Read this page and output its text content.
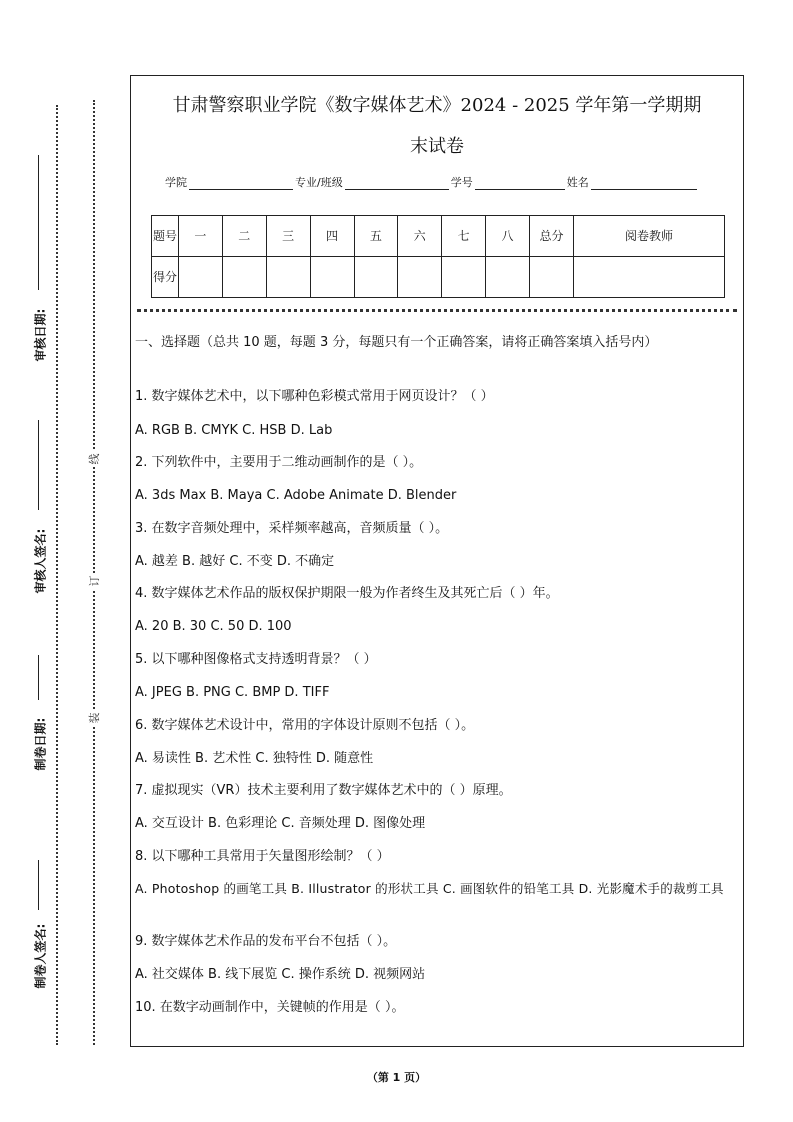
审核日期:
审核人签名:
制卷日期:
制卷人签名:
线
订
装
甘肃警察职业学院《数字媒体艺术》2024 - 2025 学年第一学期期
末试卷
学院	专业/班级	学号	姓名
题号	一	二	三	四	五	六	七	八	总分	阅卷教师
得分										
一、选择题（总共 10 题，每题 3 分，每题只有一个正确答案，请将正确答案填入括号内）
1. 数字媒体艺术中，以下哪种色彩模式常用于网页设计？（ ）
A. RGB B. CMYK C. HSB D. Lab
2. 下列软件中，主要用于二维动画制作的是（ ）。
A. 3ds Max B. Maya C. Adobe Animate D. Blender
3. 在数字音频处理中，采样频率越高，音频质量（ ）。
A. 越差 B. 越好 C. 不变 D. 不确定
4. 数字媒体艺术作品的版权保护期限一般为作者终生及其死亡后（ ）年。
A. 20 B. 30 C. 50 D. 100
5. 以下哪种图像格式支持透明背景？（ ）
A. JPEG B. PNG C. BMP D. TIFF
6. 数字媒体艺术设计中，常用的字体设计原则不包括（ ）。
A. 易读性 B. 艺术性 C. 独特性 D. 随意性
7. 虚拟现实（VR）技术主要利用了数字媒体艺术中的（ ）原理。
A. 交互设计 B. 色彩理论 C. 音频处理 D. 图像处理
8. 以下哪种工具常用于矢量图形绘制？（ ）
A. Photoshop 的画笔工具 B. Illustrator 的形状工具 C. 画图软件的铅笔工具 D. 光影魔术手的裁剪工具
9. 数字媒体艺术作品的发布平台不包括（ ）。
A. 社交媒体 B. 线下展览 C. 操作系统 D. 视频网站
10. 在数字动画制作中，关键帧的作用是（ ）。
（第 1 页）
